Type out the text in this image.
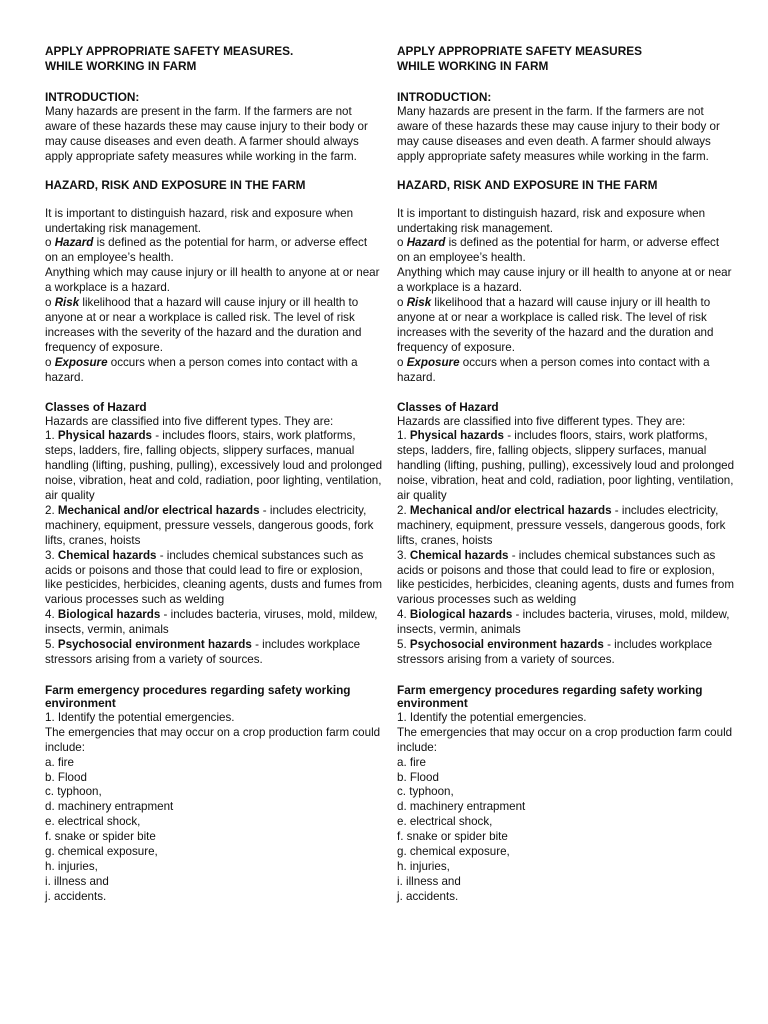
APPLY APPROPRIATE SAFETY MEASURES.

WHILE WORKING IN FARM

INTRODUCTION:

Many hazards are present in the farm. If the farmers are not aware of these hazards these may cause injury to their body or may cause diseases and even death. A farmer should always apply appropriate safety measures while working in the farm.

HAZARD, RISK AND EXPOSURE IN THE FARM

It is important to distinguish hazard, risk and exposure when undertaking risk management.

o Hazard is defined as the potential for harm, or adverse effect on an employee’s health.

Anything which may cause injury or ill health to anyone at or near a workplace is a hazard.

o Risk likelihood that a hazard will cause injury or ill health to anyone at or near a workplace is called risk. The level of risk increases with the severity of the hazard and the duration and frequency of exposure.

o Exposure occurs when a person comes into contact with a hazard.

Classes of Hazard

Hazards are classified into five different types. They are:

1. Physical hazards - includes floors, stairs, work platforms, steps, ladders, fire, falling objects, slippery surfaces, manual handling (lifting, pushing, pulling), excessively loud and prolonged noise, vibration, heat and cold, radiation, poor lighting, ventilation, air quality

2. Mechanical and/or electrical hazards - includes electricity, machinery, equipment, pressure vessels, dangerous goods, fork lifts, cranes, hoists

3. Chemical hazards - includes chemical substances such as acids or poisons and those that could lead to fire or explosion, like pesticides, herbicides, cleaning agents, dusts and fumes from various processes such as welding

4. Biological hazards - includes bacteria, viruses, mold, mildew, insects, vermin, animals

5. Psychosocial environment hazards - includes workplace stressors arising from a variety of sources.

Farm emergency procedures regarding safety working environment

1. Identify the potential emergencies.

The emergencies that may occur on a crop production farm could include:

a. fire
b. Flood
c. typhoon,
d. machinery entrapment
e. electrical shock,
f. snake or spider bite
g. chemical exposure,
h. injuries,
i. illness and
j. accidents.

APPLY APPROPRIATE SAFETY MEASURES

WHILE WORKING IN FARM

INTRODUCTION:

Many hazards are present in the farm. If the farmers are not aware of these hazards these may cause injury to their body or may cause diseases and even death. A farmer should always apply appropriate safety measures while working in the farm.

HAZARD, RISK AND EXPOSURE IN THE FARM

It is important to distinguish hazard, risk and exposure when undertaking risk management.

o Hazard is defined as the potential for harm, or adverse effect on an employee’s health.

Anything which may cause injury or ill health to anyone at or near a workplace is a hazard.

o Risk likelihood that a hazard will cause injury or ill health to anyone at or near a workplace is called risk. The level of risk increases with the severity of the hazard and the duration and frequency of exposure.

o Exposure occurs when a person comes into contact with a hazard.

Classes of Hazard

Hazards are classified into five different types. They are:

1. Physical hazards - includes floors, stairs, work platforms, steps, ladders, fire, falling objects, slippery surfaces, manual handling (lifting, pushing, pulling), excessively loud and prolonged noise, vibration, heat and cold, radiation, poor lighting, ventilation, air quality

2. Mechanical and/or electrical hazards - includes electricity, machinery, equipment, pressure vessels, dangerous goods, fork lifts, cranes, hoists

3. Chemical hazards - includes chemical substances such as acids or poisons and those that could lead to fire or explosion, like pesticides, herbicides, cleaning agents, dusts and fumes from various processes such as welding

4. Biological hazards - includes bacteria, viruses, mold, mildew, insects, vermin, animals

5. Psychosocial environment hazards - includes workplace stressors arising from a variety of sources.

Farm emergency procedures regarding safety working environment

1. Identify the potential emergencies.

The emergencies that may occur on a crop production farm could include:

a. fire
b. Flood
c. typhoon,
d. machinery entrapment
e. electrical shock,
f. snake or spider bite
g. chemical exposure,
h. injuries,
i. illness and
j. accidents.
